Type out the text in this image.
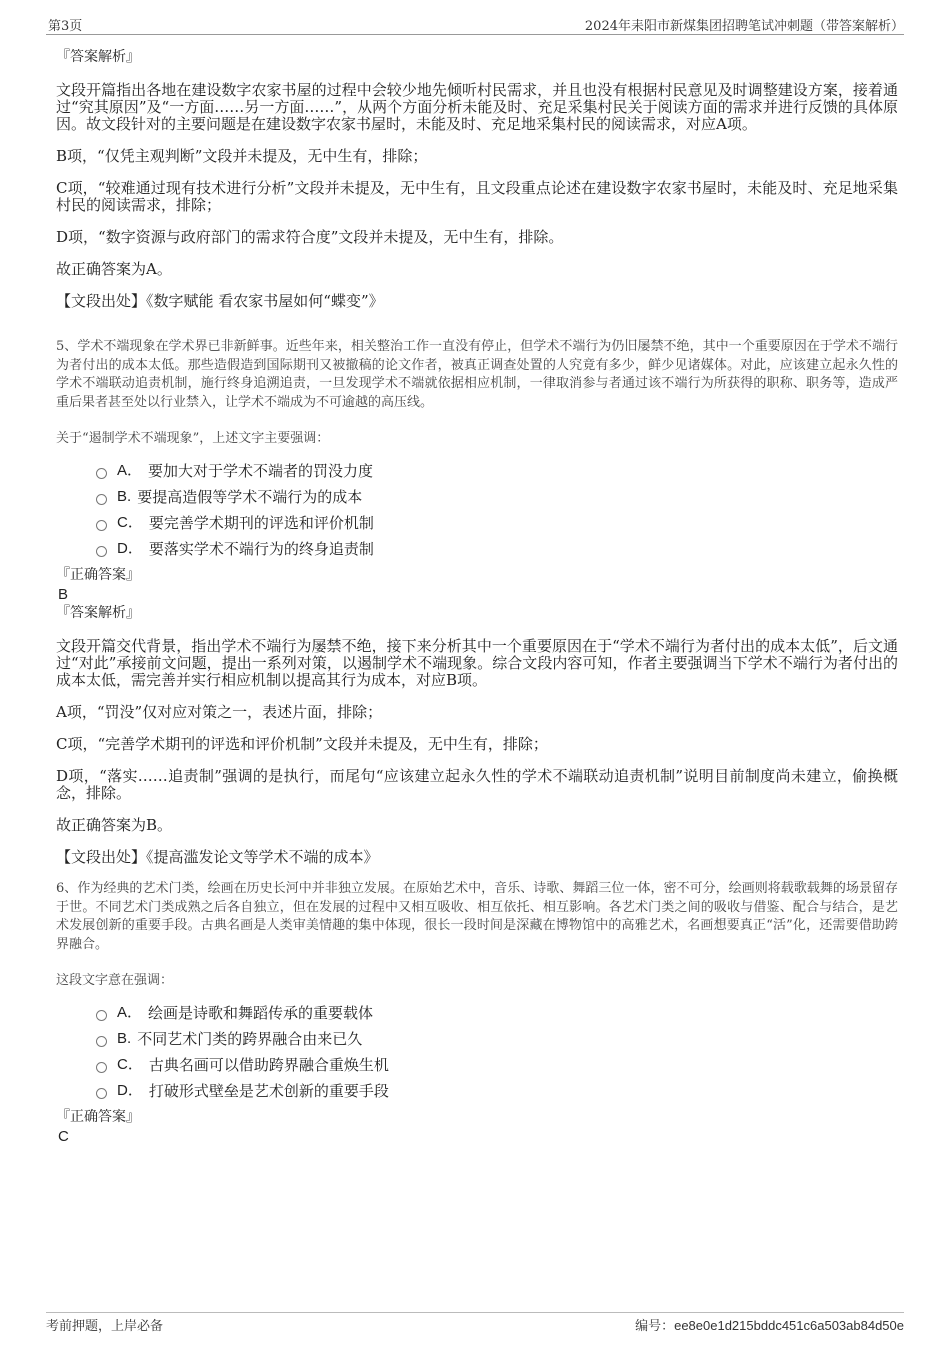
第3页	2024年耒阳市新煤集团招聘笔试冲刺题（带答案解析）

『答案解析』

文段开篇指出各地在建设数字农家书屋的过程中会较少地先倾听村民需求，并且也没有根据村民意见及时调整建设方案，接着通过“究其原因”及“一方面……另一方面……”，从两个方面分析未能及时、充足采集村民关于阅读方面的需求并进行反馈的具体原因。故文段针对的主要问题是在建设数字农家书屋时，未能及时、充足地采集村民的阅读需求，对应A项。

B项，“仅凭主观判断”文段并未提及，无中生有，排除；

C项，“较难通过现有技术进行分析”文段并未提及，无中生有，且文段重点论述在建设数字农家书屋时，未能及时、充足地采集村民的阅读需求，排除；

D项，“数字资源与政府部门的需求符合度”文段并未提及，无中生有，排除。

故正确答案为A。

【文段出处】《数字赋能 看农家书屋如何“蝶变”》

5、学术不端现象在学术界已非新鲜事。近些年来，相关整治工作一直没有停止，但学术不端行为仍旧屡禁不绝，其中一个重要原因在于学术不端行为者付出的成本太低。那些造假造到国际期刊又被撤稿的论文作者，被真正调查处置的人究竟有多少，鲜少见诸媒体。对此，应该建立起永久性的学术不端联动追责机制，施行终身追溯追责，一旦发现学术不端就依据相应机制，一律取消参与者通过该不端行为所获得的职称、职务等，造成严重后果者甚至处以行业禁入，让学术不端成为不可逾越的高压线。

关于“遏制学术不端现象”，上述文字主要强调：

A． 要加大对于学术不端者的罚没力度
B. 要提高造假等学术不端行为的成本
C． 要完善学术期刊的评选和评价机制
D． 要落实学术不端行为的终身追责制

『正确答案』

B

『答案解析』

文段开篇交代背景，指出学术不端行为屡禁不绝，接下来分析其中一个重要原因在于“学术不端行为者付出的成本太低”，后文通过“对此”承接前文问题，提出一系列对策，以遏制学术不端现象。综合文段内容可知，作者主要强调当下学术不端行为者付出的成本太低，需完善并实行相应机制以提高其行为成本，对应B项。

A项，“罚没”仅对应对策之一，表述片面，排除；

C项，“完善学术期刊的评选和评价机制”文段并未提及，无中生有，排除；

D项，“落实……追责制”强调的是执行，而尾句“应该建立起永久性的学术不端联动追责机制”说明目前制度尚未建立，偷换概念，排除。

故正确答案为B。

【文段出处】《提高滥发论文等学术不端的成本》

6、作为经典的艺术门类，绘画在历史长河中并非独立发展。在原始艺术中，音乐、诗歌、舞蹈三位一体，密不可分，绘画则将载歌载舞的场景留存于世。不同艺术门类成熟之后各自独立，但在发展的过程中又相互吸收、相互依托、相互影响。各艺术门类之间的吸收与借鉴、配合与结合，是艺术发展创新的重要手段。古典名画是人类审美情趣的集中体现，很长一段时间是深藏在博物馆中的高雅艺术，名画想要真正“活”化，还需要借助跨界融合。

这段文字意在强调：

A． 绘画是诗歌和舞蹈传承的重要载体
B. 不同艺术门类的跨界融合由来已久
C． 古典名画可以借助跨界融合重焕生机
D． 打破形式壁垒是艺术创新的重要手段

『正确答案』

C

考前押题，上岸必备	编号：ee8e0e1d215bddc451c6a503ab84d50e
